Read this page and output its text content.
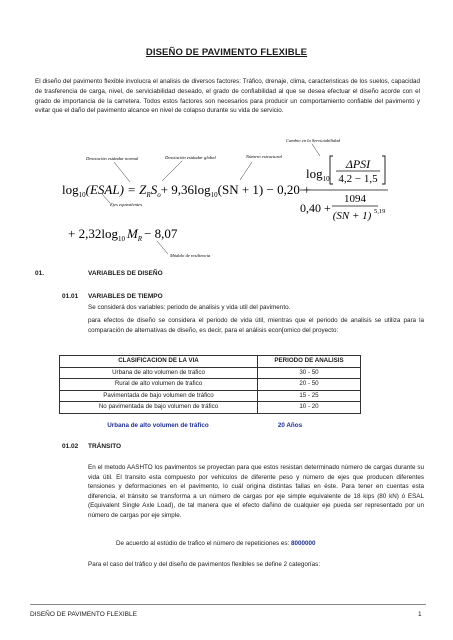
DISEÑO DE PAVIMENTO FLEXIBLE
El diseño del pavimento flexible involucra el analisis de diversos factores: Tráfico, drenaje, clima, caracteristicas de los suelos, capacidad de trasferencia de carga, nivel, de serviciabilidad deseado, el grado de confiabilidad al que se desea efectuar el diseño acorde con el grado de importancia de la carretera. Todos estos factores son necesarios para producir un comportamiento confiable del pavimento y evitar que el daño del pavimento alcance en nivel de colapso durante su vida de servicio.
Desviación estándar normal	Desviación estándar global	Número estructural
Cambio en la Serviciabilidad
Ejes equivalentes
Módulo de resiliencia
$\log_{10}(ESAL) = Z_RS_o+ 9,36\log_{10}(SN + 1) - 0,20$ +
$\log_{10}$
ΔPSI
4,2 − 1,5
0,40 +
1094
(SN + 1) 5,19
+ $2,32\log_{10}$ $M_R - 8,07$
01.	VARIABLES DE DISEÑO
01.01 VARIABLES DE TIEMPO
Se considerá dos variables: periodo de analisis y vida util del pavimento.
para efectos de diseño se considera el periodo de vida útil, mientras que el periodo de analisis se utiliza para la comparación de alternativas de diseño, es decir, para el análisis econ[omico del proyecto:
CLASIFICACION DE LA VIA	PERIODO DE ANALISIS
Urbana de alto volumen de trafico	30 - 50
Rural de alto volumen de trafico	20 - 50
Pavimentada de bajo volumen de tráfico	15 - 25
No pavimentada de bajo volumen de tráfico	10 - 20
Urbana de alto volumen de tráfico	20 Años
01.02 TRÁNSITO
En el metodo AASHTO los pavimentos se proyectan para que estos resistan determinado número de cargas durante su vida útil. El transito esta compuesto por vehiculos de diferente peso y número de ejes que producen diferentes tensiones y deformaciones en el pavimento, lo cuál origina distintas fallas en éste. Para tener en cuentas esta diferencia, el tránsito se transforma a un número de cargas por eje simple equivalente de 18 kips (80 kN) ó ESAL (Equivalent Single Axle Load), de tal manera que el efecto dañino de cualquier eje pueda ser representado por un número de cargas por eje simple.
De acuerdo al estúdio de trafico el número de repeticiones es: 8000000
Para el caso del tráfico y del diseño de pavimentos flexibles se define 2 categorías:
DISEÑO DE PAVIMENTO FLEXIBLE	1
